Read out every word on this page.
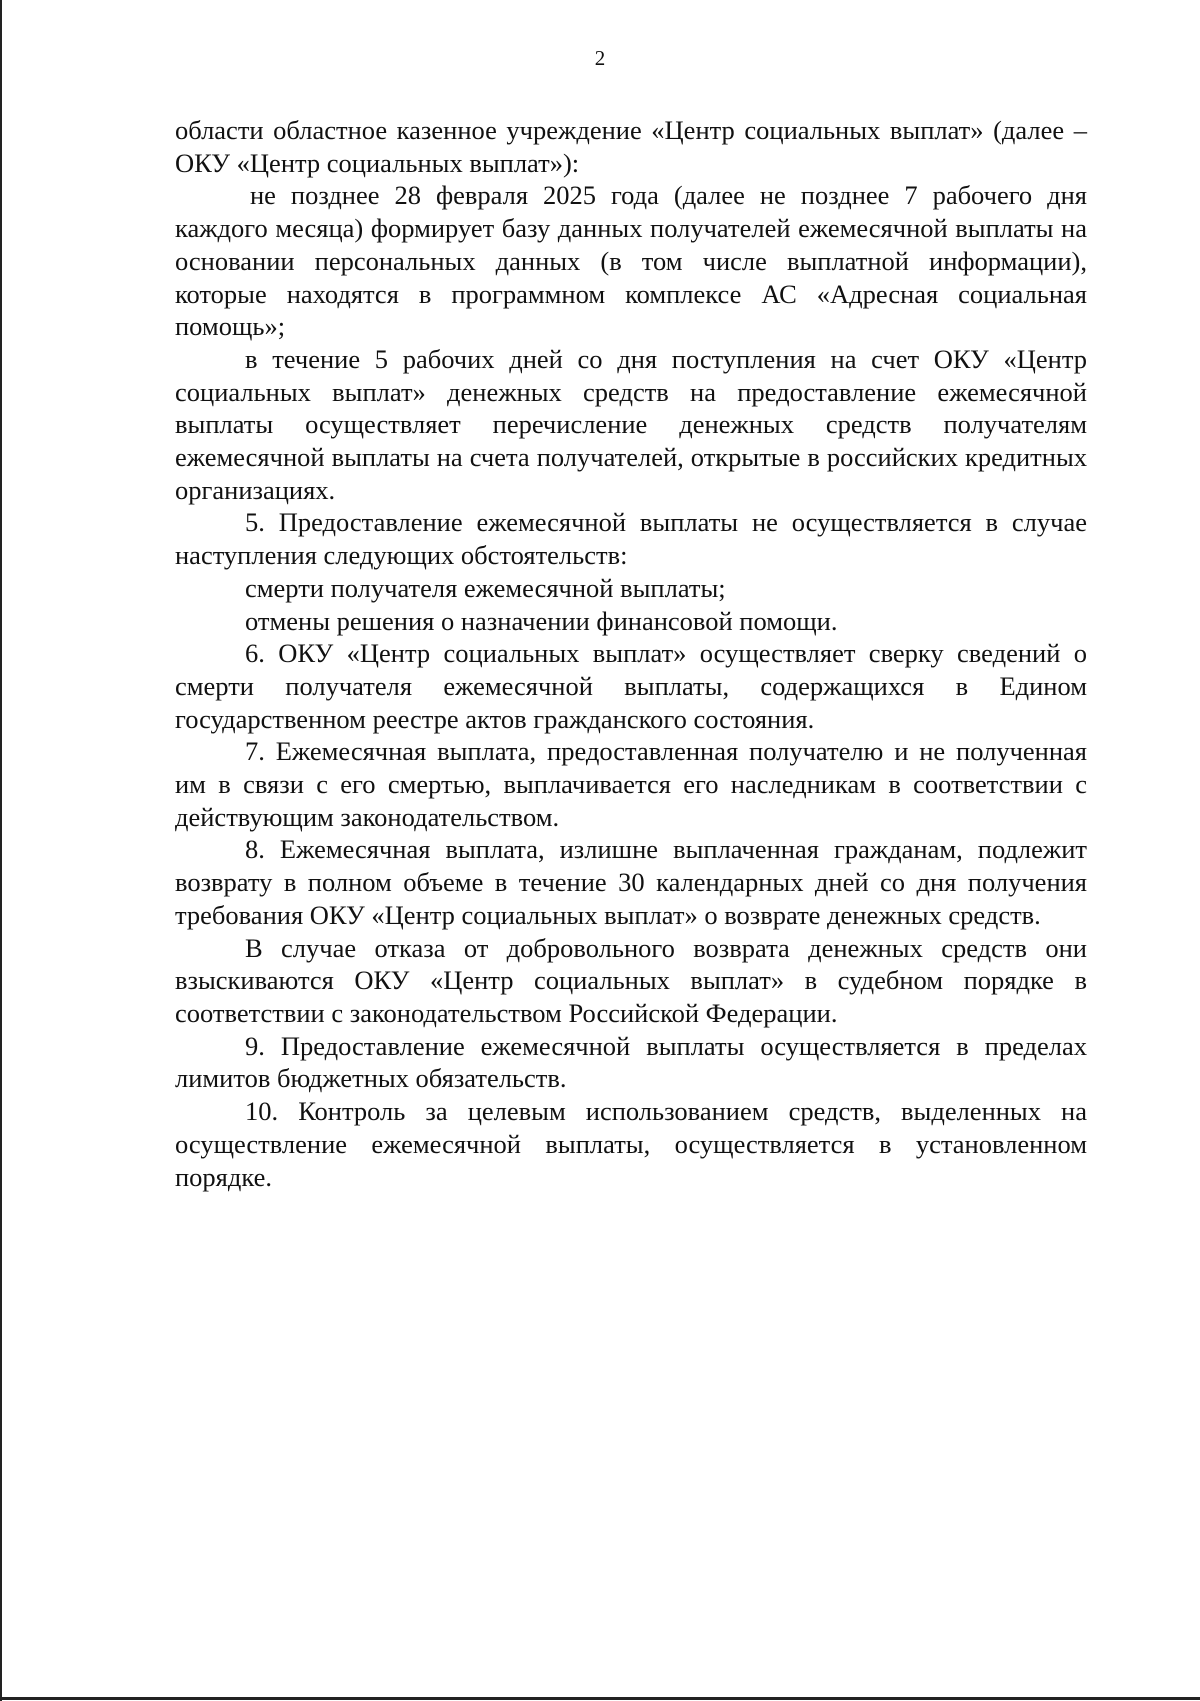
2

области областное казенное учреждение «Центр социальных выплат» (далее – ОКУ «Центр социальных выплат»):

не позднее 28 февраля 2025 года (далее не позднее 7 рабочего дня каждого месяца) формирует базу данных получателей ежемесячной выплаты на основании персональных данных (в том числе выплатной информации), которые находятся в программном комплексе АС «Адресная социальная помощь»;

в течение 5 рабочих дней со дня поступления на счет ОКУ «Центр социальных выплат» денежных средств на предоставление ежемесячной выплаты осуществляет перечисление денежных средств получателям ежемесячной выплаты на счета получателей, открытые в российских кредитных организациях.

5. Предоставление ежемесячной выплаты не осуществляется в случае наступления следующих обстоятельств:

смерти получателя ежемесячной выплаты;

отмены решения о назначении финансовой помощи.

6. ОКУ «Центр социальных выплат» осуществляет сверку сведений о смерти получателя ежемесячной выплаты, содержащихся в Едином государственном реестре актов гражданского состояния.

7. Ежемесячная выплата, предоставленная получателю и не полученная им в связи с его смертью, выплачивается его наследникам в соответствии с действующим законодательством.

8. Ежемесячная выплата, излишне выплаченная гражданам, подлежит возврату в полном объеме в течение 30 календарных дней со дня получения требования ОКУ «Центр социальных выплат» о возврате денежных средств.

В случае отказа от добровольного возврата денежных средств они взыскиваются ОКУ «Центр социальных выплат» в судебном порядке в соответствии с законодательством Российской Федерации.

9. Предоставление ежемесячной выплаты осуществляется в пределах лимитов бюджетных обязательств.

10. Контроль за целевым использованием средств, выделенных на осуществление ежемесячной выплаты, осуществляется в установленном порядке.
